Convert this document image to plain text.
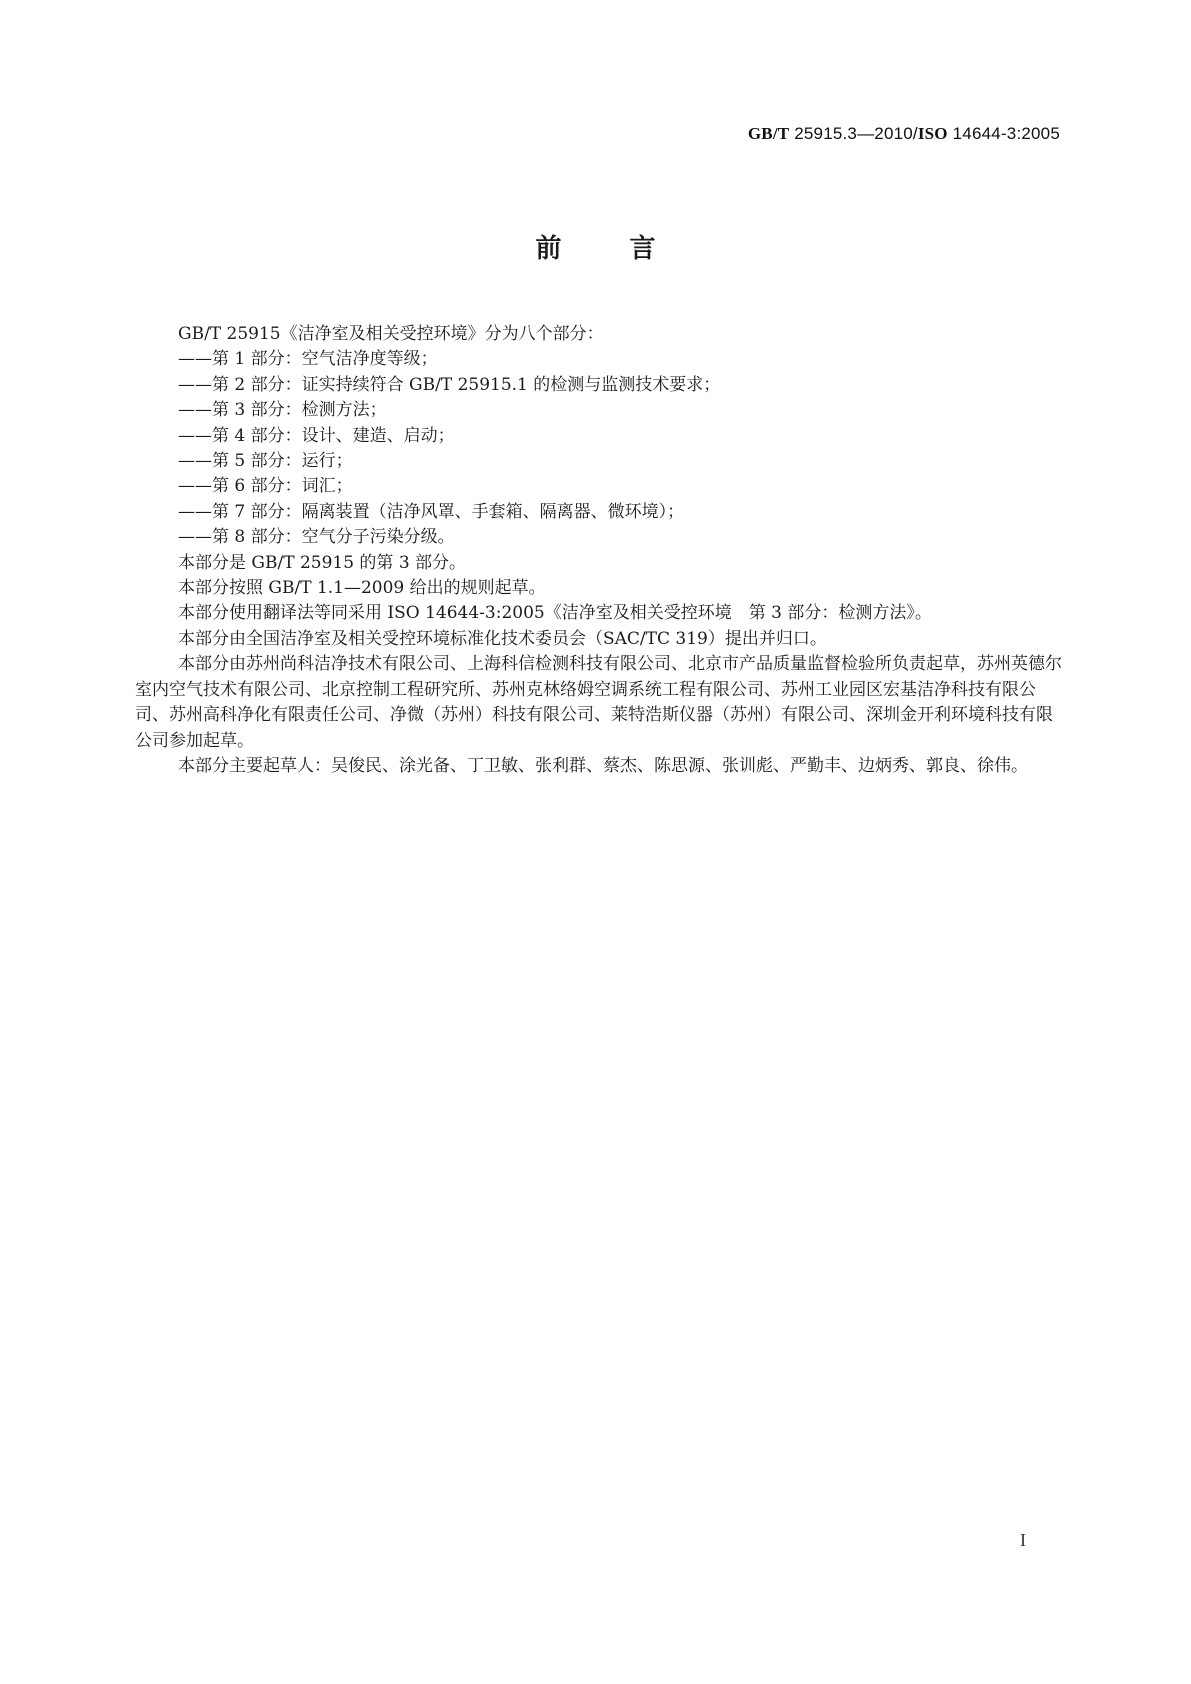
GB/T 25915.3—2010/ISO 14644-3:2005
前	言

GB/T 25915《洁净室及相关受控环境》分为八个部分：

——第 1 部分：空气洁净度等级；

——第 2 部分：证实持续符合 GB/T 25915.1 的检测与监测技术要求；

——第 3 部分：检测方法；

——第 4 部分：设计、建造、启动；

——第 5 部分：运行；

——第 6 部分：词汇；

——第 7 部分：隔离装置（洁净风罩、手套箱、隔离器、微环境）；

——第 8 部分：空气分子污染分级。

本部分是 GB/T 25915 的第 3 部分。

本部分按照 GB/T 1.1—2009 给出的规则起草。

本部分使用翻译法等同采用 ISO 14644-3:2005《洁净室及相关受控环境　第 3 部分：检测方法》。

本部分由全国洁净室及相关受控环境标准化技术委员会（SAC/TC 319）提出并归口。

本部分由苏州尚科洁净技术有限公司、上海科信检测科技有限公司、北京市产品质量监督检验所负责起草，苏州英德尔室内空气技术有限公司、北京控制工程研究所、苏州克林络姆空调系统工程有限公司、苏州工业园区宏基洁净科技有限公司、苏州高科净化有限责任公司、净微（苏州）科技有限公司、莱特浩斯仪器（苏州）有限公司、深圳金开利环境科技有限公司参加起草。

本部分主要起草人：吴俊民、涂光备、丁卫敏、张利群、蔡杰、陈思源、张训彪、严勤丰、边炳秀、郭良、徐伟。

I
